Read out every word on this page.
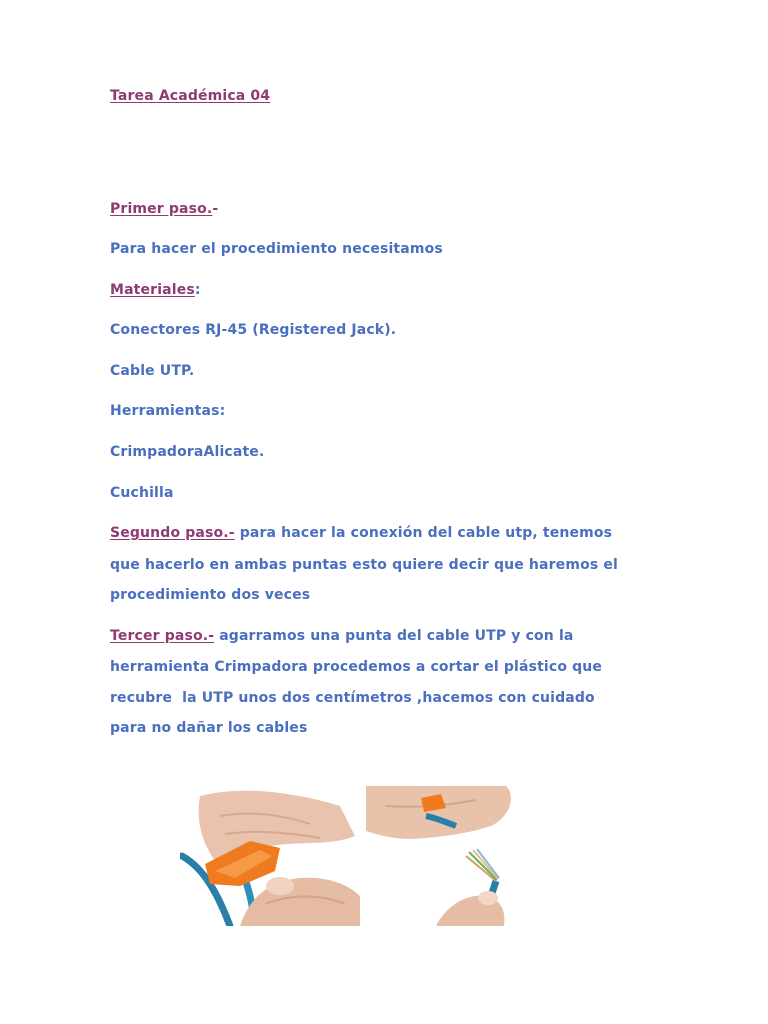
Tarea Académica 04
Primer paso.-
Para hacer el procedimiento necesitamos
Materiales:
Conectores RJ-45 (Registered Jack).
Cable UTP.
Herramientas:
CrimpadoraAlicate.
Cuchilla
Segundo paso.- para hacer la conexión del cable utp, tenemos
que hacerlo en ambas puntas esto quiere decir que haremos el
procedimiento dos veces
Tercer paso.- agarramos una punta del cable UTP y con la
herramienta Crimpadora procedemos a cortar el plástico que
recubre  la UTP unos dos centímetros ,hacemos con cuidado
para no dañar los cables
